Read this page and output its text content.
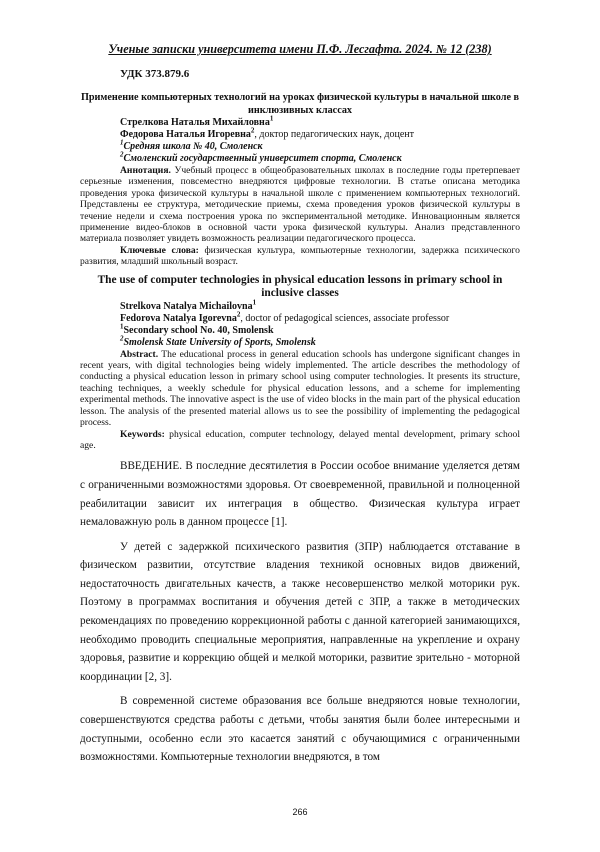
Ученые записки университета имени П.Ф. Лесгафта. 2024. № 12 (238)
УДК 373.879.6
Применение компьютерных технологий на уроках физической культуры в начальной школе в инклюзивных классах
Стрелкова Наталья Михайловна$^1$
Федорова Наталья Игоревна$^2$, доктор педагогических наук, доцент
$^1$Средняя школа № 40, Смоленск
$^2$Смоленский государственный университет спорта, Смоленск

Аннотация. Учебный процесс в общеобразовательных школах в последние годы претерпевает серьезные изменения, повсеместно внедряются цифровые технологии. В статье описана методика проведения урока физической культуры в начальной школе с применением компьютерных технологий. Представлены ее структура, методические приемы, схема проведения уроков физической культуры в течение недели и схема построения урока по экспериментальной методике. Инновационным является применение видео-блоков в основной части урока физической культуры. Анализ представленного материала позволяет увидеть возможность реализации педагогического процесса.

Ключевые слова: физическая культура, компьютерные технологии, задержка психического развития, младший школьный возраст.

The use of computer technologies in physical education lessons in primary school in inclusive classes
Strelkova Natalya Michailovna$^1$
Fedorova Natalya Igorevna$^2$, doctor of pedagogical sciences, associate professor
$^1$Secondary school No. 40, Smolensk
$^2$Smolensk State University of Sports, Smolensk

Abstract. The educational process in general education schools has undergone significant changes in recent years, with digital technologies being widely implemented. The article describes the methodology of conducting a physical education lesson in primary school using computer technologies. It presents its structure, teaching techniques, a weekly schedule for physical education lessons, and a scheme for implementing experimental methods. The innovative aspect is the use of video blocks in the main part of the physical education lesson. The analysis of the presented material allows us to see the possibility of implementing the pedagogical process.

Keywords: physical education, computer technology, delayed mental development, primary school age.

ВВЕДЕНИЕ. В последние десятилетия в России особое внимание уделяется детям с ограниченными возможностями здоровья. От своевременной, правильной и полноценной реабилитации зависит их интеграция в общество. Физическая культура играет немаловажную роль в данном процессе [1].

У детей с задержкой психического развития (ЗПР) наблюдается отставание в физическом развитии, отсутствие владения техникой основных видов движений, недостаточность двигательных качеств, а также несовершенство мелкой моторики рук. Поэтому в программах воспитания и обучения детей с ЗПР, а также в методических рекомендациях по проведению коррекционной работы с данной категорией занимающихся, необходимо проводить специальные мероприятия, направленные на укрепление и охрану здоровья, развитие и коррекцию общей и мелкой моторики, развитие зрительно - моторной координации [2, 3].

В современной системе образования все больше внедряются новые технологии, совершенствуются средства работы с детьми, чтобы занятия были более интересными и доступными, особенно если это касается занятий с обучающимися с ограниченными возможностями. Компьютерные технологии внедряются, в том

266
